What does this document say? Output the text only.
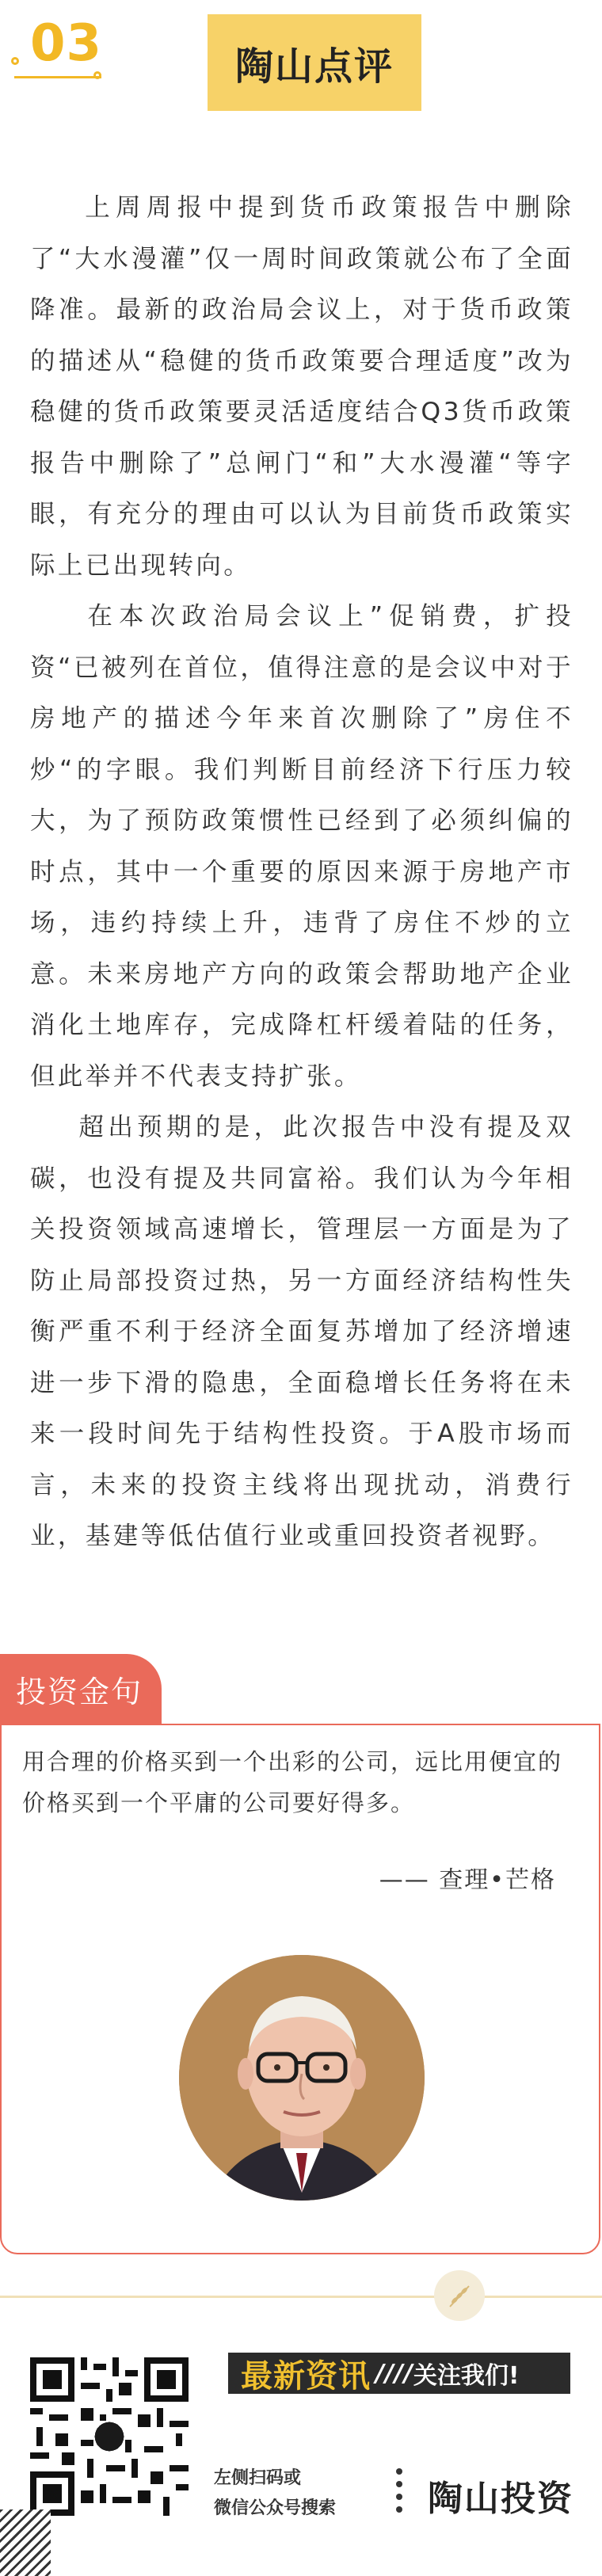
03	陶山点评

上周周报中提到货币政策报告中删除了“大水漫灌”仅一周时间政策就公布了全面降准。最新的政治局会议上，对于货币政策的描述从“稳健的货币政策要合理适度”改为稳健的货币政策要灵活适度结合Q3货币政策报告中删除了”总闸门“和”大水漫灌“等字眼，有充分的理由可以认为目前货币政策实际上已出现转向。

在本次政治局会议上”促销费，扩投资“已被列在首位，值得注意的是会议中对于房地产的描述今年来首次删除了”房住不炒“的字眼。我们判断目前经济下行压力较大，为了预防政策惯性已经到了必须纠偏的时点，其中一个重要的原因来源于房地产市场，违约持续上升，违背了房住不炒的立意。未来房地产方向的政策会帮助地产企业消化土地库存，完成降杠杆缓着陆的任务，但此举并不代表支持扩张。

超出预期的是，此次报告中没有提及双碳，也没有提及共同富裕。我们认为今年相关投资领域高速增长，管理层一方面是为了防止局部投资过热，另一方面经济结构性失衡严重不利于经济全面复苏增加了经济增速进一步下滑的隐患，全面稳增长任务将在未来一段时间先于结构性投资。于A股市场而言，未来的投资主线将出现扰动，消费行业，基建等低估值行业或重回投资者视野。

投资金句

用合理的价格买到一个出彩的公司，远比用便宜的价格买到一个平庸的公司要好得多。

—— 查理•芒格
最新资讯 //// 关注我们!
左侧扫码或
微信公众号搜索	陶山投资
